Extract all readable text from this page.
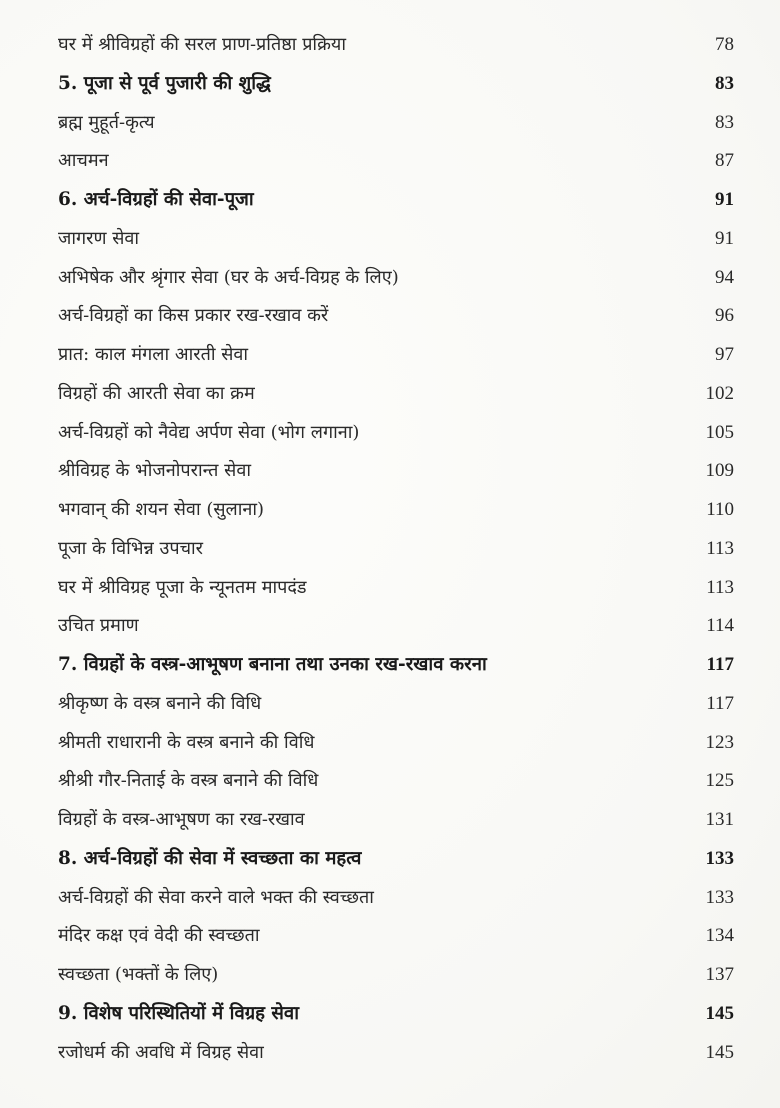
घर में श्रीविग्रहों की सरल प्राण-प्रतिष्ठा प्रक्रिया	78
5. पूजा से पूर्व पुजारी की शुद्धि	83
ब्रह्म मुहूर्त-कृत्य	83
आचमन	87
6. अर्च-विग्रहों की सेवा-पूजा	91
जागरण सेवा	91
अभिषेक और श्रृंगार सेवा (घर के अर्च-विग्रह के लिए)	94
अर्च-विग्रहों का किस प्रकार रख-रखाव करें	96
प्रात: काल मंगला आरती सेवा	97
विग्रहों की आरती सेवा का क्रम	102
अर्च-विग्रहों को नैवेद्य अर्पण सेवा (भोग लगाना)	105
श्रीविग्रह के भोजनोपरान्त सेवा	109
भगवान् की शयन सेवा (सुलाना)	110
पूजा के विभिन्न उपचार	113
घर में श्रीविग्रह पूजा के न्यूनतम मापदंड	113
उचित प्रमाण	114
7. विग्रहों के वस्त्र-आभूषण बनाना तथा उनका रख-रखाव करना	117
श्रीकृष्ण के वस्त्र बनाने की विधि	117
श्रीमती राधारानी के वस्त्र बनाने की विधि	123
श्रीश्री गौर-निताई के वस्त्र बनाने की विधि	125
विग्रहों के वस्त्र-आभूषण का रख-रखाव	131
8. अर्च-विग्रहों की सेवा में स्वच्छता का महत्व	133
अर्च-विग्रहों की सेवा करने वाले भक्त की स्वच्छता	133
मंदिर कक्ष एवं वेदी की स्वच्छता	134
स्वच्छता (भक्तों के लिए)	137
9. विशेष परिस्थितियों में विग्रह सेवा	145
रजोधर्म की अवधि में विग्रह सेवा	145
